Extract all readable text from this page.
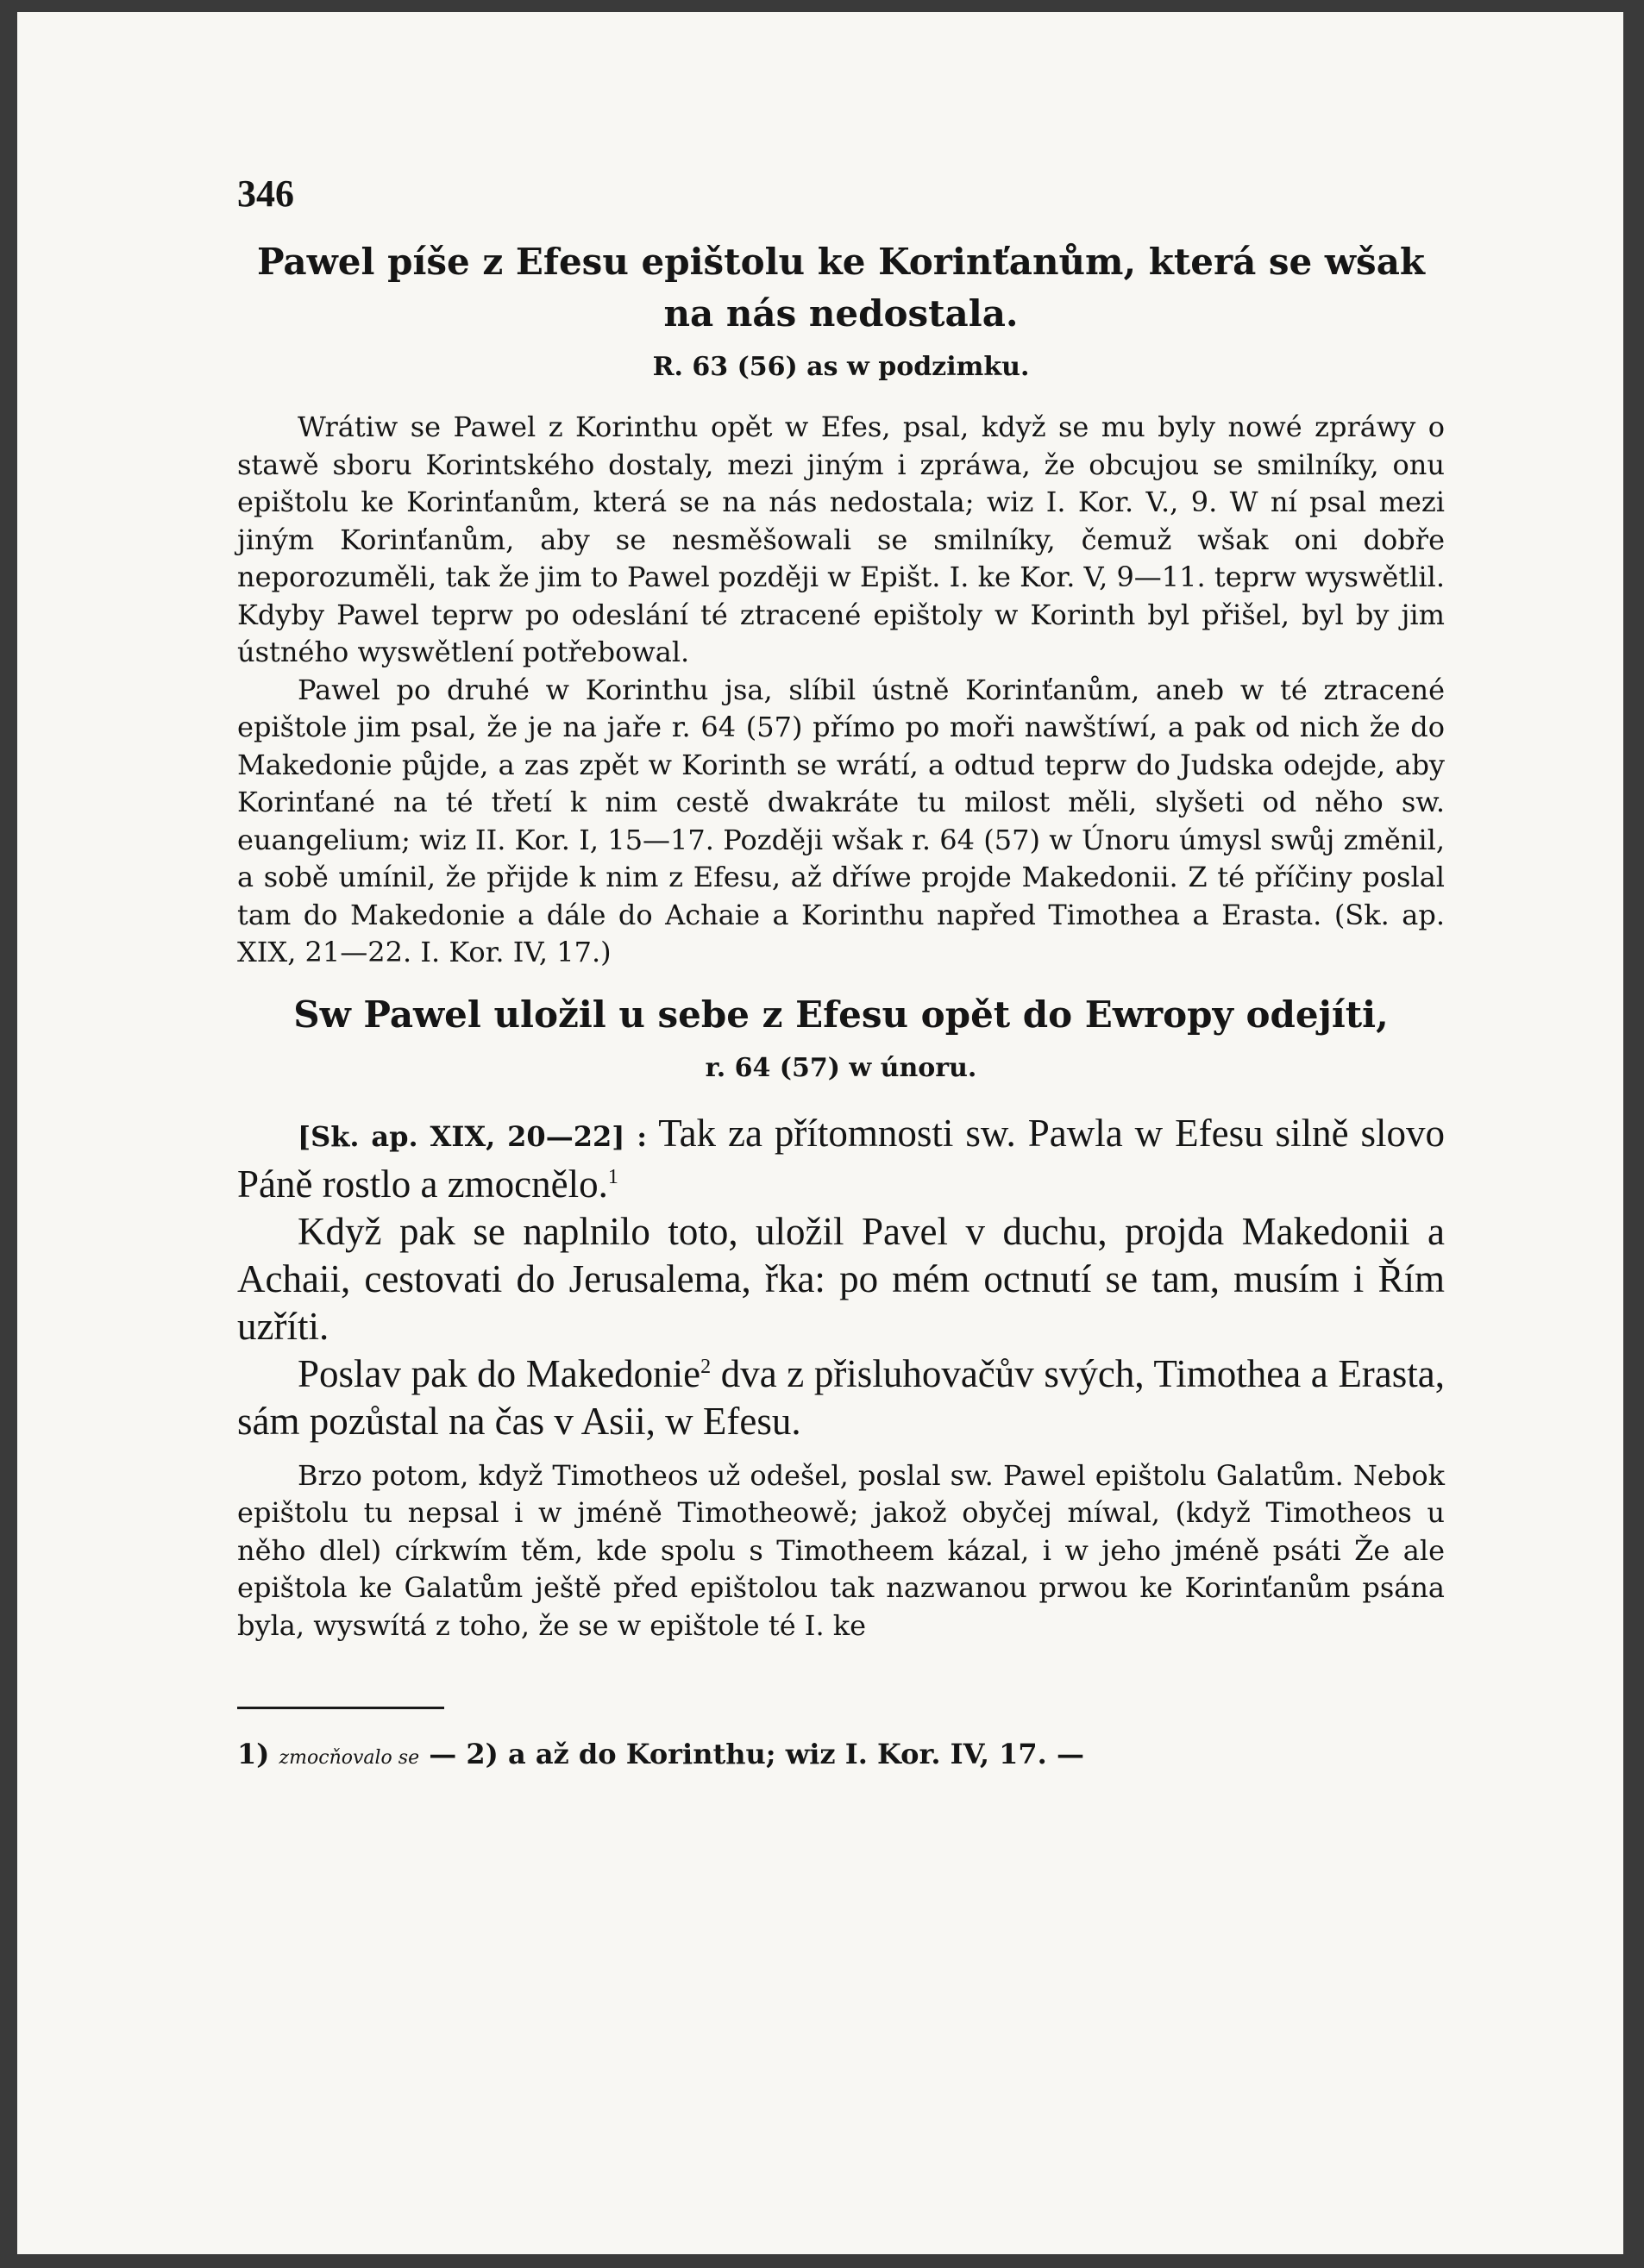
346
Pawel píše z Efesu epištolu ke Korinťanům, která se wšak na nás nedostala.
R. 63 (56) as w podzimku.

Wrátiw se Pawel z Korinthu opět w Efes, psal, když se mu byly nowé zpráwy o stawě sboru Korintského dostaly, mezi jiným i zpráwa, že obcujou se smilníky, onu epištolu ke Korinťanům, která se na nás nedostala; wiz I. Kor. V., 9. W ní psal mezi jiným Korinťanům, aby se nesměšowali se smilníky, čemuž wšak oni dobře neporozuměli, tak že jim to Pawel později w Epišt. I. ke Kor. V, 9—11. teprw wyswětlil. Kdyby Pawel teprw po odeslání té ztracené epištoly w Korinth byl přišel, byl by jim ústného wyswětlení potřebowal.

Pawel po druhé w Korinthu jsa, slíbil ústně Korinťanům, aneb w té ztracené epištole jim psal, že je na jaře r. 64 (57) přímo po moři nawštíwí, a pak od nich že do Makedonie půjde, a zas zpět w Korinth se wrátí, a odtud teprw do Judska odejde, aby Korinťané na té třetí k nim cestě dwakráte tu milost měli, slyšeti od něho sw. euangelium; wiz II. Kor. I, 15—17. Později wšak r. 64 (57) w Únoru úmysl swůj změnil, a sobě umínil, že přijde k nim z Efesu, až dříwe projde Makedonii. Z té příčiny poslal tam do Makedonie a dále do Achaie a Korinthu napřed Timothea a Erasta. (Sk. ap. XIX, 21—22. I. Kor. IV, 17.)

Sw Pawel uložil u sebe z Efesu opět do Ewropy odejíti,
r. 64 (57) w únoru.

[Sk. ap. XIX, 20—22] : Tak za přítomnosti sw. Pawla w Efesu silně slovo Páně rostlo a zmocnělo.$^1$

Když pak se naplnilo toto, uložil Pavel v duchu, projda Makedonii a Achaii, cestovati do Jerusalema, řka: po mém octnutí se tam, musím i Řím uzříti.

Poslav pak do Makedonie$^2$ dva z přisluhovačův svých, Timothea a Erasta, sám pozůstal na čas v Asii, w Efesu.

Brzo potom, když Timotheos už odešel, poslal sw. Pawel epištolu Galatům. Nebok epištolu tu nepsal i w jméně Timotheowě; jakož obyčej míwal, (když Timotheos u něho dlel) církwím těm, kde spolu s Timotheem kázal, i w jeho jméně psáti Že ale epištola ke Galatům ještě před epištolou tak nazwanou prwou ke Korinťanům psána byla, wyswítá z toho, že se w epištole té I. ke

1) zmocňovalo se — 2) a až do Korinthu; wiz I. Kor. IV, 17. —
